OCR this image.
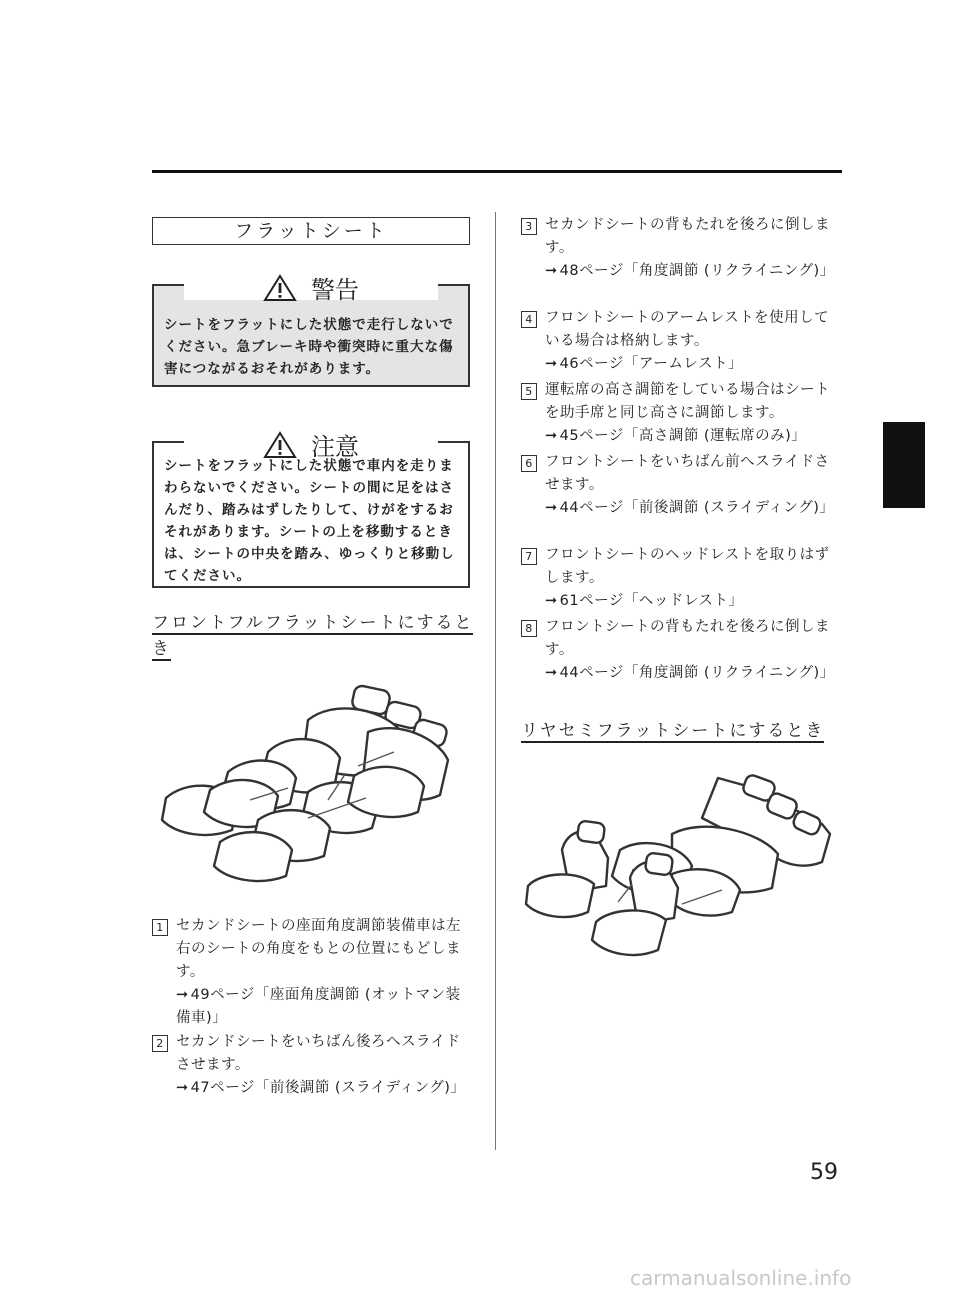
フラットシート
警告
シートをフラットにした状態で走行しないでください。急ブレーキ時や衝突時に重大な傷害につながるおそれがあります。
注意
シートをフラットにした状態で車内を走りまわらないでください。シートの間に足をはさんだり、踏みはずしたりして、けがをするおそれがあります。シートの上を移動するときは、シートの中央を踏み、ゆっくりと移動してください。
フロントフルフラットシートにするとき
1 セカンドシートの座面角度調節装備車は左右のシートの角度をもとの位置にもどします。
➞ 49ページ「座面角度調節 (オットマン装備車)」
2 セカンドシートをいちばん後ろへスライドさせます。
➞ 47ページ「前後調節 (スライディング)」
3 セカンドシートの背もたれを後ろに倒します。
➞ 48ページ「角度調節 (リクライニング)」
4 フロントシートのアームレストを使用している場合は格納します。
➞ 46ページ「アームレスト」
5 運転席の高さ調節をしている場合はシートを助手席と同じ高さに調節します。
➞ 45ページ「高さ調節 (運転席のみ)」
6 フロントシートをいちばん前へスライドさせます。
➞ 44ページ「前後調節 (スライディング)」
7 フロントシートのヘッドレストを取りはずします。
➞ 61ページ「ヘッドレスト」
8 フロントシートの背もたれを後ろに倒します。
➞ 44ページ「角度調節 (リクライニング)」
リヤセミフラットシートにするとき
59
carmanualsonline.info
